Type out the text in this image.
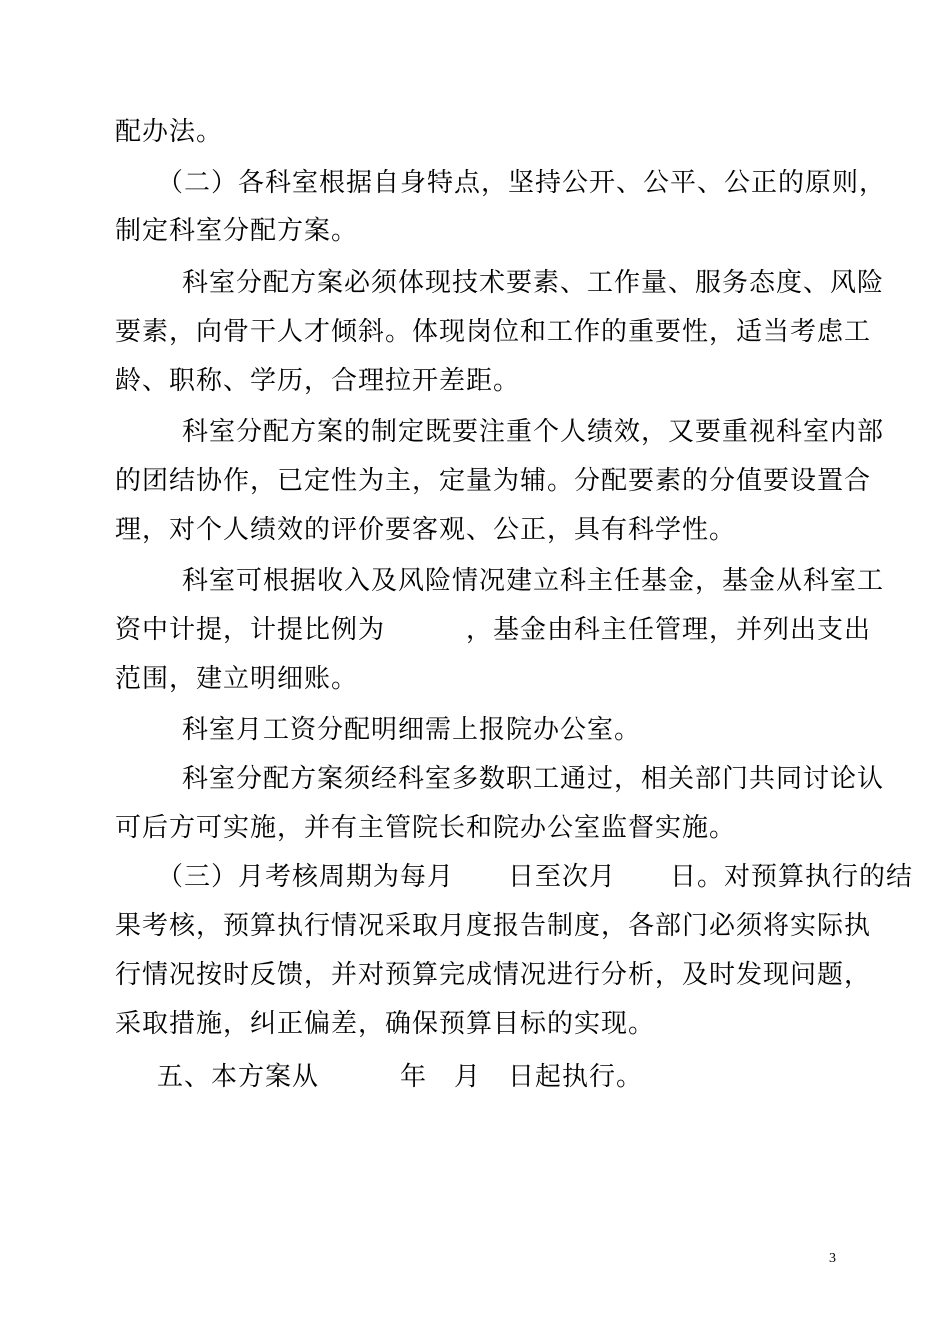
配办法。
（二）各科室根据自身特点，坚持公开、公平、公正的原则，
制定科室分配方案。
科室分配方案必须体现技术要素、工作量、服务态度、风险
要素，向骨干人才倾斜。体现岗位和工作的重要性，适当考虑工
龄、职称、学历，合理拉开差距。
科室分配方案的制定既要注重个人绩效，又要重视科室内部
的团结协作，已定性为主，定量为辅。分配要素的分值要设置合
理，对个人绩效的评价要客观、公正，具有科学性。
科室可根据收入及风险情况建立科主任基金，基金从科室工
资中计提，计提比例为　　　，基金由科主任管理，并列出支出
范围，建立明细账。
科室月工资分配明细需上报院办公室。
科室分配方案须经科室多数职工通过，相关部门共同讨论认
可后方可实施，并有主管院长和院办公室监督实施。
（三）月考核周期为每月　　日至次月　　日。对预算执行的结
果考核，预算执行情况采取月度报告制度，各部门必须将实际执
行情况按时反馈，并对预算完成情况进行分析，及时发现问题，
采取措施，纠正偏差，确保预算目标的实现。
五、本方案从　　　年　月　日起执行。
3
